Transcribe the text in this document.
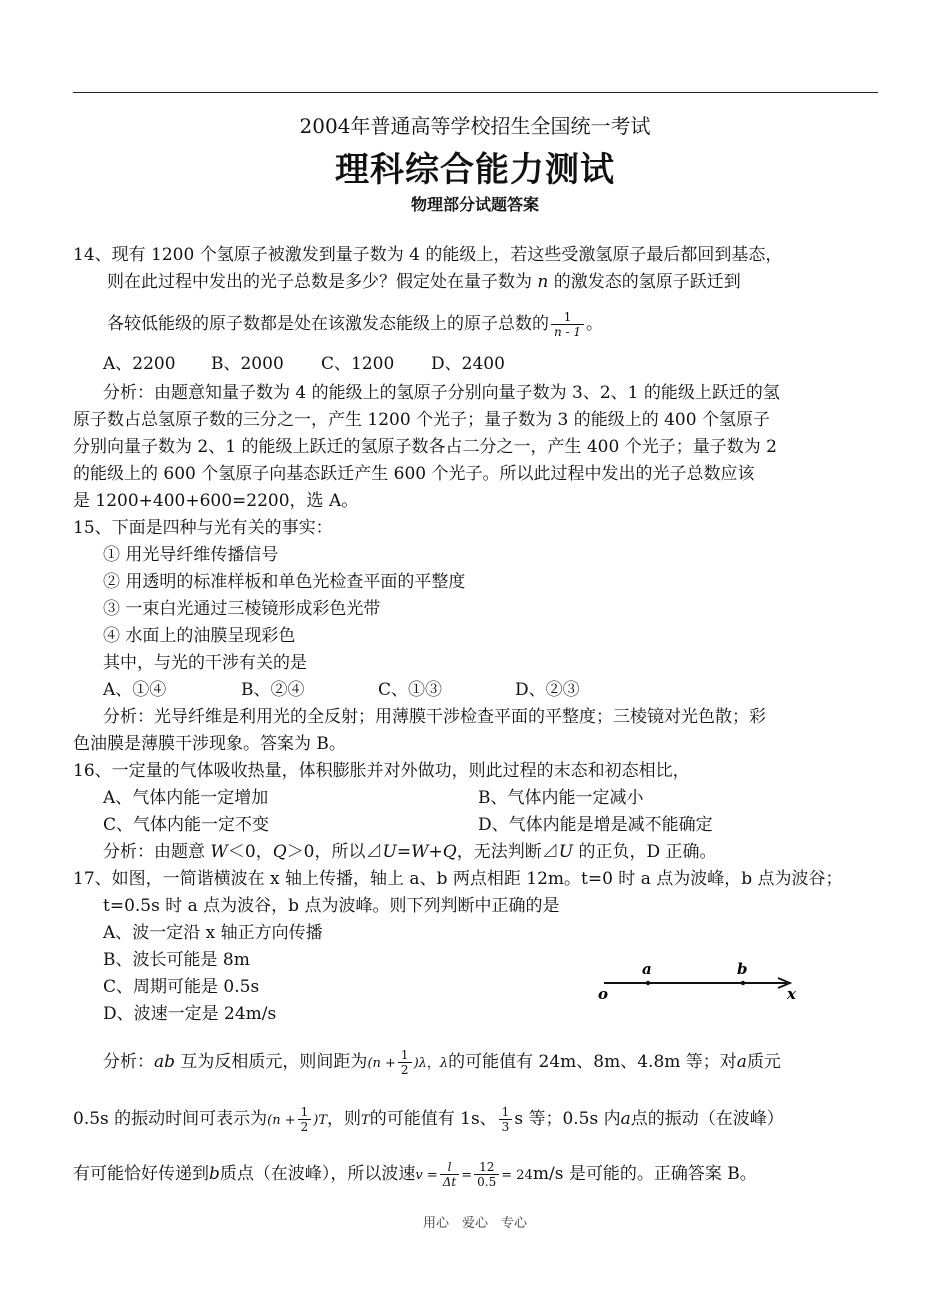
2004年普通高等学校招生全国统一考试
理科综合能力测试
物理部分试题答案
14、现有 1200 个氢原子被激发到量子数为 4 的能级上，若这些受激氢原子最后都回到基态，
则在此过程中发出的光子总数是多少？假定处在量子数为 n 的激发态的氢原子跃迁到
各较低能级的原子数都是处在该激发态能级上的原子总数的 $\frac{1}{n - 1}$ 。
A、2200 B、2000 C、1200 D、2400
分析：由题意知量子数为 4 的能级上的氢原子分别向量子数为 3、2、1 的能级上跃迁的氢
原子数占总氢原子数的三分之一，产生 1200 个光子；量子数为 3 的能级上的 400 个氢原子
分别向量子数为 2、1 的能级上跃迁的氢原子数各占二分之一，产生 400 个光子；量子数为 2
的能级上的 600 个氢原子向基态跃迁产生 600 个光子。所以此过程中发出的光子总数应该
是 1200+400+600=2200，选 A。
15、下面是四种与光有关的事实：
① 用光导纤维传播信号
② 用透明的标准样板和单色光检查平面的平整度
③ 一束白光通过三棱镜形成彩色光带
④ 水面上的油膜呈现彩色
其中，与光的干涉有关的是
A、①④	B、②④	C、①③	D、②③
分析：光导纤维是利用光的全反射；用薄膜干涉检查平面的平整度；三棱镜对光色散；彩
色油膜是薄膜干涉现象。答案为 B。
16、一定量的气体吸收热量，体积膨胀并对外做功，则此过程的末态和初态相比，
A、气体内能一定增加	B、气体内能一定减小
C、气体内能一定不变	D、气体内能是增是减不能确定
分析：由题意 W＜0，Q＞0，所以⊿U=W+Q，无法判断⊿U 的正负，D 正确。
17、如图，一简谐横波在 x 轴上传播，轴上 a、b 两点相距 12m。t=0 时 a 点为波峰，b 点为波谷；
t=0.5s 时 a 点为波谷，b 点为波峰。则下列判断中正确的是
A、波一定沿 x 轴正方向传播
B、波长可能是 8m
C、周期可能是 0.5s
D、波速一定是 24m/s
a	b
o	x
分析：ab 互为反相质元，则间距为$(n + \frac{1}{2} )\lambda$，λ的可能值有 24m、8m、4.8m 等；对a质元
0.5s 的振动时间可表示为$(n + \frac{1}{2} )T$，则T的可能值有 1s、 $\frac{1}{3}$ s 等；0.5s 内a点的振动（在波峰）
有可能恰好传递到b质点（在波峰），所以波速$v = \frac{l}{\Delta t} = \frac{12}{0.5} = 24m/s$ 是可能的。正确答案 B。
用心　爱心　专心
